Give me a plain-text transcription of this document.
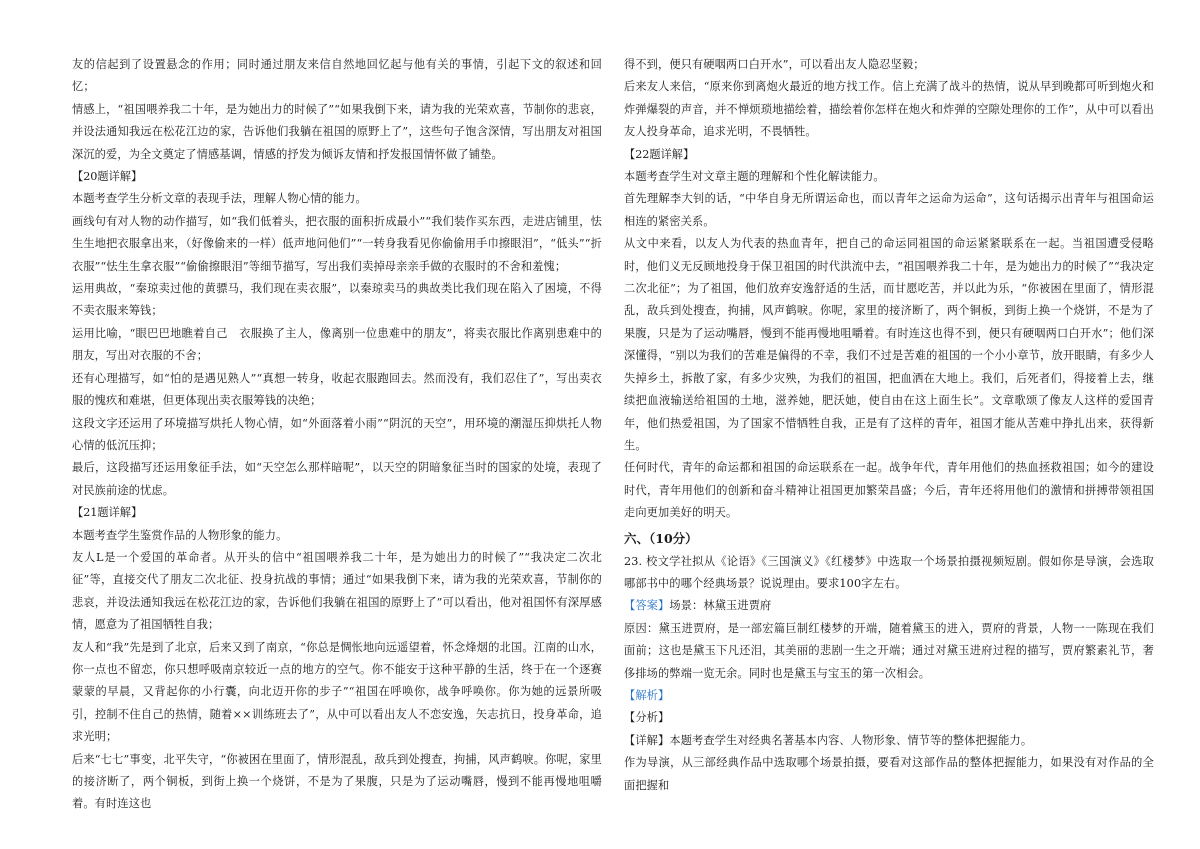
友的信起到了设置悬念的作用；同时通过朋友来信自然地回忆起与他有关的事情，引起下文的叙述和回忆；

情感上，“祖国喂养我二十年，是为她出力的时候了”“如果我倒下来，请为我的光荣欢喜，节制你的悲哀，并设法通知我远在松花江边的家，告诉他们我躺在祖国的原野上了”，这些句子饱含深情，写出朋友对祖国深沉的爱，为全文奠定了情感基调，情感的抒发为倾诉友情和抒发报国情怀做了铺垫。

【20题详解】

本题考查学生分析文章的表现手法，理解人物心情的能力。

画线句有对人物的动作描写，如“我们低着头，把衣服的面积折成最小”“我们装作买东西，走进店铺里，怯生生地把衣服拿出来，（好像偷来的一样）低声地问他们”“一转身我看见你偷偷用手巾擦眼泪”，“低头”“折衣服”“怯生生拿衣服”“偷偷擦眼泪”等细节描写，写出我们卖掉母亲亲手做的衣服时的不舍和羞愧；

运用典故，“秦琼卖过他的黄骠马，我们现在卖衣服”，以秦琼卖马的典故类比我们现在陷入了困境，不得不卖衣服来筹钱；

运用比喻，“眼巴巴地瞧着自己　衣服换了主人，像离别一位患难中的朋友”，将卖衣服比作离别患难中的朋友，写出对衣服的不舍；

还有心理描写，如“怕的是遇见熟人”“真想一转身，收起衣服跑回去。然而没有，我们忍住了”，写出卖衣服的愧疚和难堪，但更体现出卖衣服筹钱的决绝；

这段文字还运用了环境描写烘托人物心情，如“外面落着小雨”“阴沉的天空”，用环境的潮湿压抑烘托人物心情的低沉压抑；

最后，这段描写还运用象征手法，如“天空怎么那样暗呢”，以天空的阴暗象征当时的国家的处境，表现了对民族前途的忧虑。

【21题详解】

本题考查学生鉴赏作品的人物形象的能力。

友人L是一个爱国的革命者。从开头的信中“祖国喂养我二十年，是为她出力的时候了”“我决定二次北征”等，直接交代了朋友二次北征、投身抗战的事情；通过“如果我倒下来，请为我的光荣欢喜，节制你的悲哀，并设法通知我远在松花江边的家，告诉他们我躺在祖国的原野上了”可以看出，他对祖国怀有深厚感情，愿意为了祖国牺牲自我；

友人和“我”先是到了北京，后来又到了南京，“你总是惆怅地向远遥望着，怀念烽烟的北国。江南的山水，你一点也不留恋，你只想呼吸南京较近一点的地方的空气。你不能安于这种平静的生活，终于在一个逐赛蒙蒙的早晨，又背起你的小行囊，向北迈开你的步子”“祖国在呼唤你，战争呼唤你。你为她的远景所吸引，控制不住自己的热情，随着××训练班去了”，从中可以看出友人不恋安逸，矢志抗日，投身革命，追求光明；

后来“七七”事变，北平失守，“你被困在里面了，情形混乱，敌兵到处搜查，拘捕，风声鹤唳。你呢，家里的接济断了，两个铜板，到街上换一个烧饼，不是为了果腹，只是为了运动嘴唇，慢到不能再慢地咀嚼着。有时连这也

得不到，便只有硬咽两口白开水”，可以看出友人隐忍坚毅；

后来友人来信，“原来你到离炮火最近的地方找工作。信上充满了战斗的热情，说从早到晚都可听到炮火和炸弹爆裂的声音，并不惮烦琐地描绘着，描绘着你怎样在炮火和炸弹的空隙处理你的工作”，从中可以看出友人投身革命，追求光明，不畏牺牲。

【22题详解】

本题考查学生对文章主题的理解和个性化解读能力。

首先理解李大钊的话，“中华自身无所谓运命也，而以青年之运命为运命”，这句话揭示出青年与祖国命运相连的紧密关系。

从文中来看，以友人为代表的热血青年，把自己的命运同祖国的命运紧紧联系在一起。当祖国遭受侵略时，他们义无反顾地投身于保卫祖国的时代洪流中去，“祖国喂养我二十年，是为她出力的时候了”“我决定二次北征”；为了祖国，他们放弃安逸舒适的生活，而甘愿吃苦，并以此为乐，“你被困在里面了，情形混乱，敌兵到处搜查，拘捕，风声鹤唳。你呢，家里的接济断了，两个铜板，到街上换一个烧饼，不是为了果腹，只是为了运动嘴唇，慢到不能再慢地咀嚼着。有时连这也得不到，便只有硬咽两口白开水”；他们深深懂得，“别以为我们的苦难是偏得的不幸，我们不过是苦难的祖国的一个小小章节，放开眼睛，有多少人失掉乡土，拆散了家，有多少灾殃，为我们的祖国，把血洒在大地上。我们，后死者们，得接着上去，继续把血液输送给祖国的土地，滋养她，肥沃她，使自由在这上面生长”。文章歌颂了像友人这样的爱国青年，他们热爱祖国，为了国家不惜牺牲自我，正是有了这样的青年，祖国才能从苦难中挣扎出来，获得新生。

任何时代，青年的命运都和祖国的命运联系在一起。战争年代，青年用他们的热血拯救祖国；如今的建设时代，青年用他们的创新和奋斗精神让祖国更加繁荣昌盛；今后，青年还将用他们的激情和拼搏带领祖国走向更加美好的明天。

六、（10分）

23. 校文学社拟从《论语》《三国演义》《红楼梦》中选取一个场景拍摄视频短剧。假如你是导演，会选取哪部书中的哪个经典场景？说说理由。要求100字左右。

【答案】场景：林黛玉进贾府

原因：黛玉进贾府，是一部宏篇巨制红楼梦的开端，随着黛玉的进入，贾府的背景，人物一一陈现在我们面前；这也是黛玉下凡还泪，其美丽的悲剧一生之开端；通过对黛玉进府过程的描写，贾府繁素礼节，奢侈排场的弊端一览无余。同时也是黛玉与宝玉的第一次相会。

【解析】

【分析】

【详解】本题考查学生对经典名著基本内容、人物形象、情节等的整体把握能力。

作为导演，从三部经典作品中选取哪个场景拍摄，要看对这部作品的整体把握能力，如果没有对作品的全面把握和
